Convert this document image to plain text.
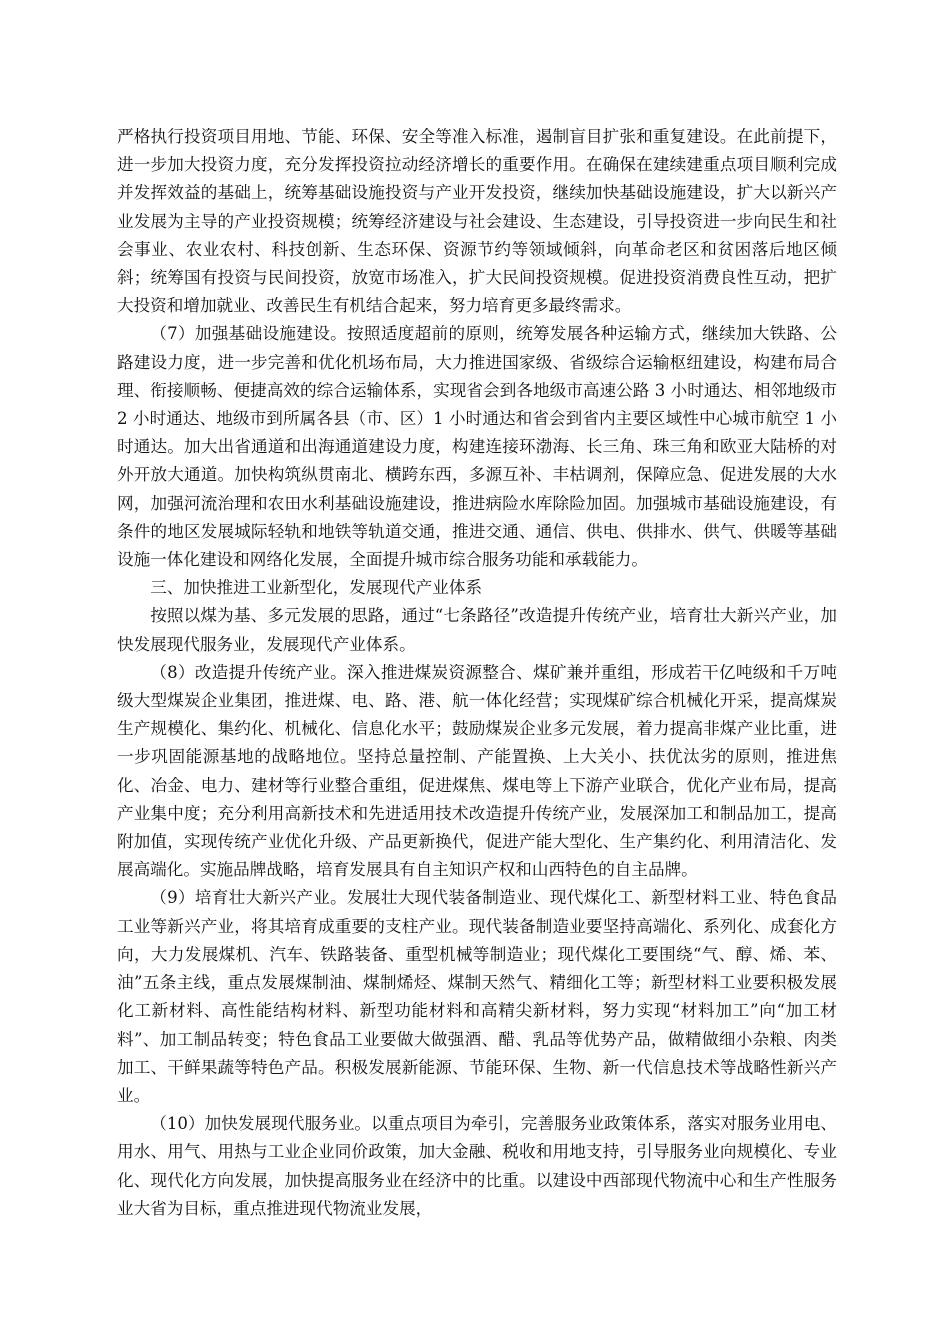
严格执行投资项目用地、节能、环保、安全等准入标准，遏制盲目扩张和重复建设。在此前提下，进一步加大投资力度，充分发挥投资拉动经济增长的重要作用。在确保在建续建重点项目顺利完成并发挥效益的基础上，统筹基础设施投资与产业开发投资，继续加快基础设施建设，扩大以新兴产业发展为主导的产业投资规模；统筹经济建设与社会建设、生态建设，引导投资进一步向民生和社会事业、农业农村、科技创新、生态环保、资源节约等领域倾斜，向革命老区和贫困落后地区倾斜；统筹国有投资与民间投资，放宽市场准入，扩大民间投资规模。促进投资消费良性互动，把扩大投资和增加就业、改善民生有机结合起来，努力培育更多最终需求。

（7）加强基础设施建设。按照适度超前的原则，统筹发展各种运输方式，继续加大铁路、公路建设力度，进一步完善和优化机场布局，大力推进国家级、省级综合运输枢纽建设，构建布局合理、衔接顺畅、便捷高效的综合运输体系，实现省会到各地级市高速公路 3 小时通达、相邻地级市 2 小时通达、地级市到所属各县（市、区）1 小时通达和省会到省内主要区域性中心城市航空 1 小时通达。加大出省通道和出海通道建设力度，构建连接环渤海、长三角、珠三角和欧亚大陆桥的对外开放大通道。加快构筑纵贯南北、横跨东西，多源互补、丰枯调剂，保障应急、促进发展的大水网，加强河流治理和农田水利基础设施建设，推进病险水库除险加固。加强城市基础设施建设，有条件的地区发展城际轻轨和地铁等轨道交通，推进交通、通信、供电、供排水、供气、供暖等基础设施一体化建设和网络化发展，全面提升城市综合服务功能和承载能力。

三、加快推进工业新型化，发展现代产业体系

按照以煤为基、多元发展的思路，通过“七条路径”改造提升传统产业，培育壮大新兴产业，加快发展现代服务业，发展现代产业体系。

（8）改造提升传统产业。深入推进煤炭资源整合、煤矿兼并重组，形成若干亿吨级和千万吨级大型煤炭企业集团，推进煤、电、路、港、航一体化经营；实现煤矿综合机械化开采，提高煤炭生产规模化、集约化、机械化、信息化水平；鼓励煤炭企业多元发展，着力提高非煤产业比重，进一步巩固能源基地的战略地位。坚持总量控制、产能置换、上大关小、扶优汰劣的原则，推进焦化、冶金、电力、建材等行业整合重组，促进煤焦、煤电等上下游产业联合，优化产业布局，提高产业集中度；充分利用高新技术和先进适用技术改造提升传统产业，发展深加工和制品加工，提高附加值，实现传统产业优化升级、产品更新换代，促进产能大型化、生产集约化、利用清洁化、发展高端化。实施品牌战略，培育发展具有自主知识产权和山西特色的自主品牌。

（9）培育壮大新兴产业。发展壮大现代装备制造业、现代煤化工、新型材料工业、特色食品工业等新兴产业，将其培育成重要的支柱产业。现代装备制造业要坚持高端化、系列化、成套化方向，大力发展煤机、汽车、铁路装备、重型机械等制造业；现代煤化工要围绕“气、醇、烯、苯、油”五条主线，重点发展煤制油、煤制烯烃、煤制天然气、精细化工等；新型材料工业要积极发展化工新材料、高性能结构材料、新型功能材料和高精尖新材料，努力实现“材料加工”向“加工材料”、加工制品转变；特色食品工业要做大做强酒、醋、乳品等优势产品，做精做细小杂粮、肉类加工、干鲜果蔬等特色产品。积极发展新能源、节能环保、生物、新一代信息技术等战略性新兴产业。

（10）加快发展现代服务业。以重点项目为牵引，完善服务业政策体系，落实对服务业用电、用水、用气、用热与工业企业同价政策，加大金融、税收和用地支持，引导服务业向规模化、专业化、现代化方向发展，加快提高服务业在经济中的比重。以建设中西部现代物流中心和生产性服务业大省为目标，重点推进现代物流业发展，
